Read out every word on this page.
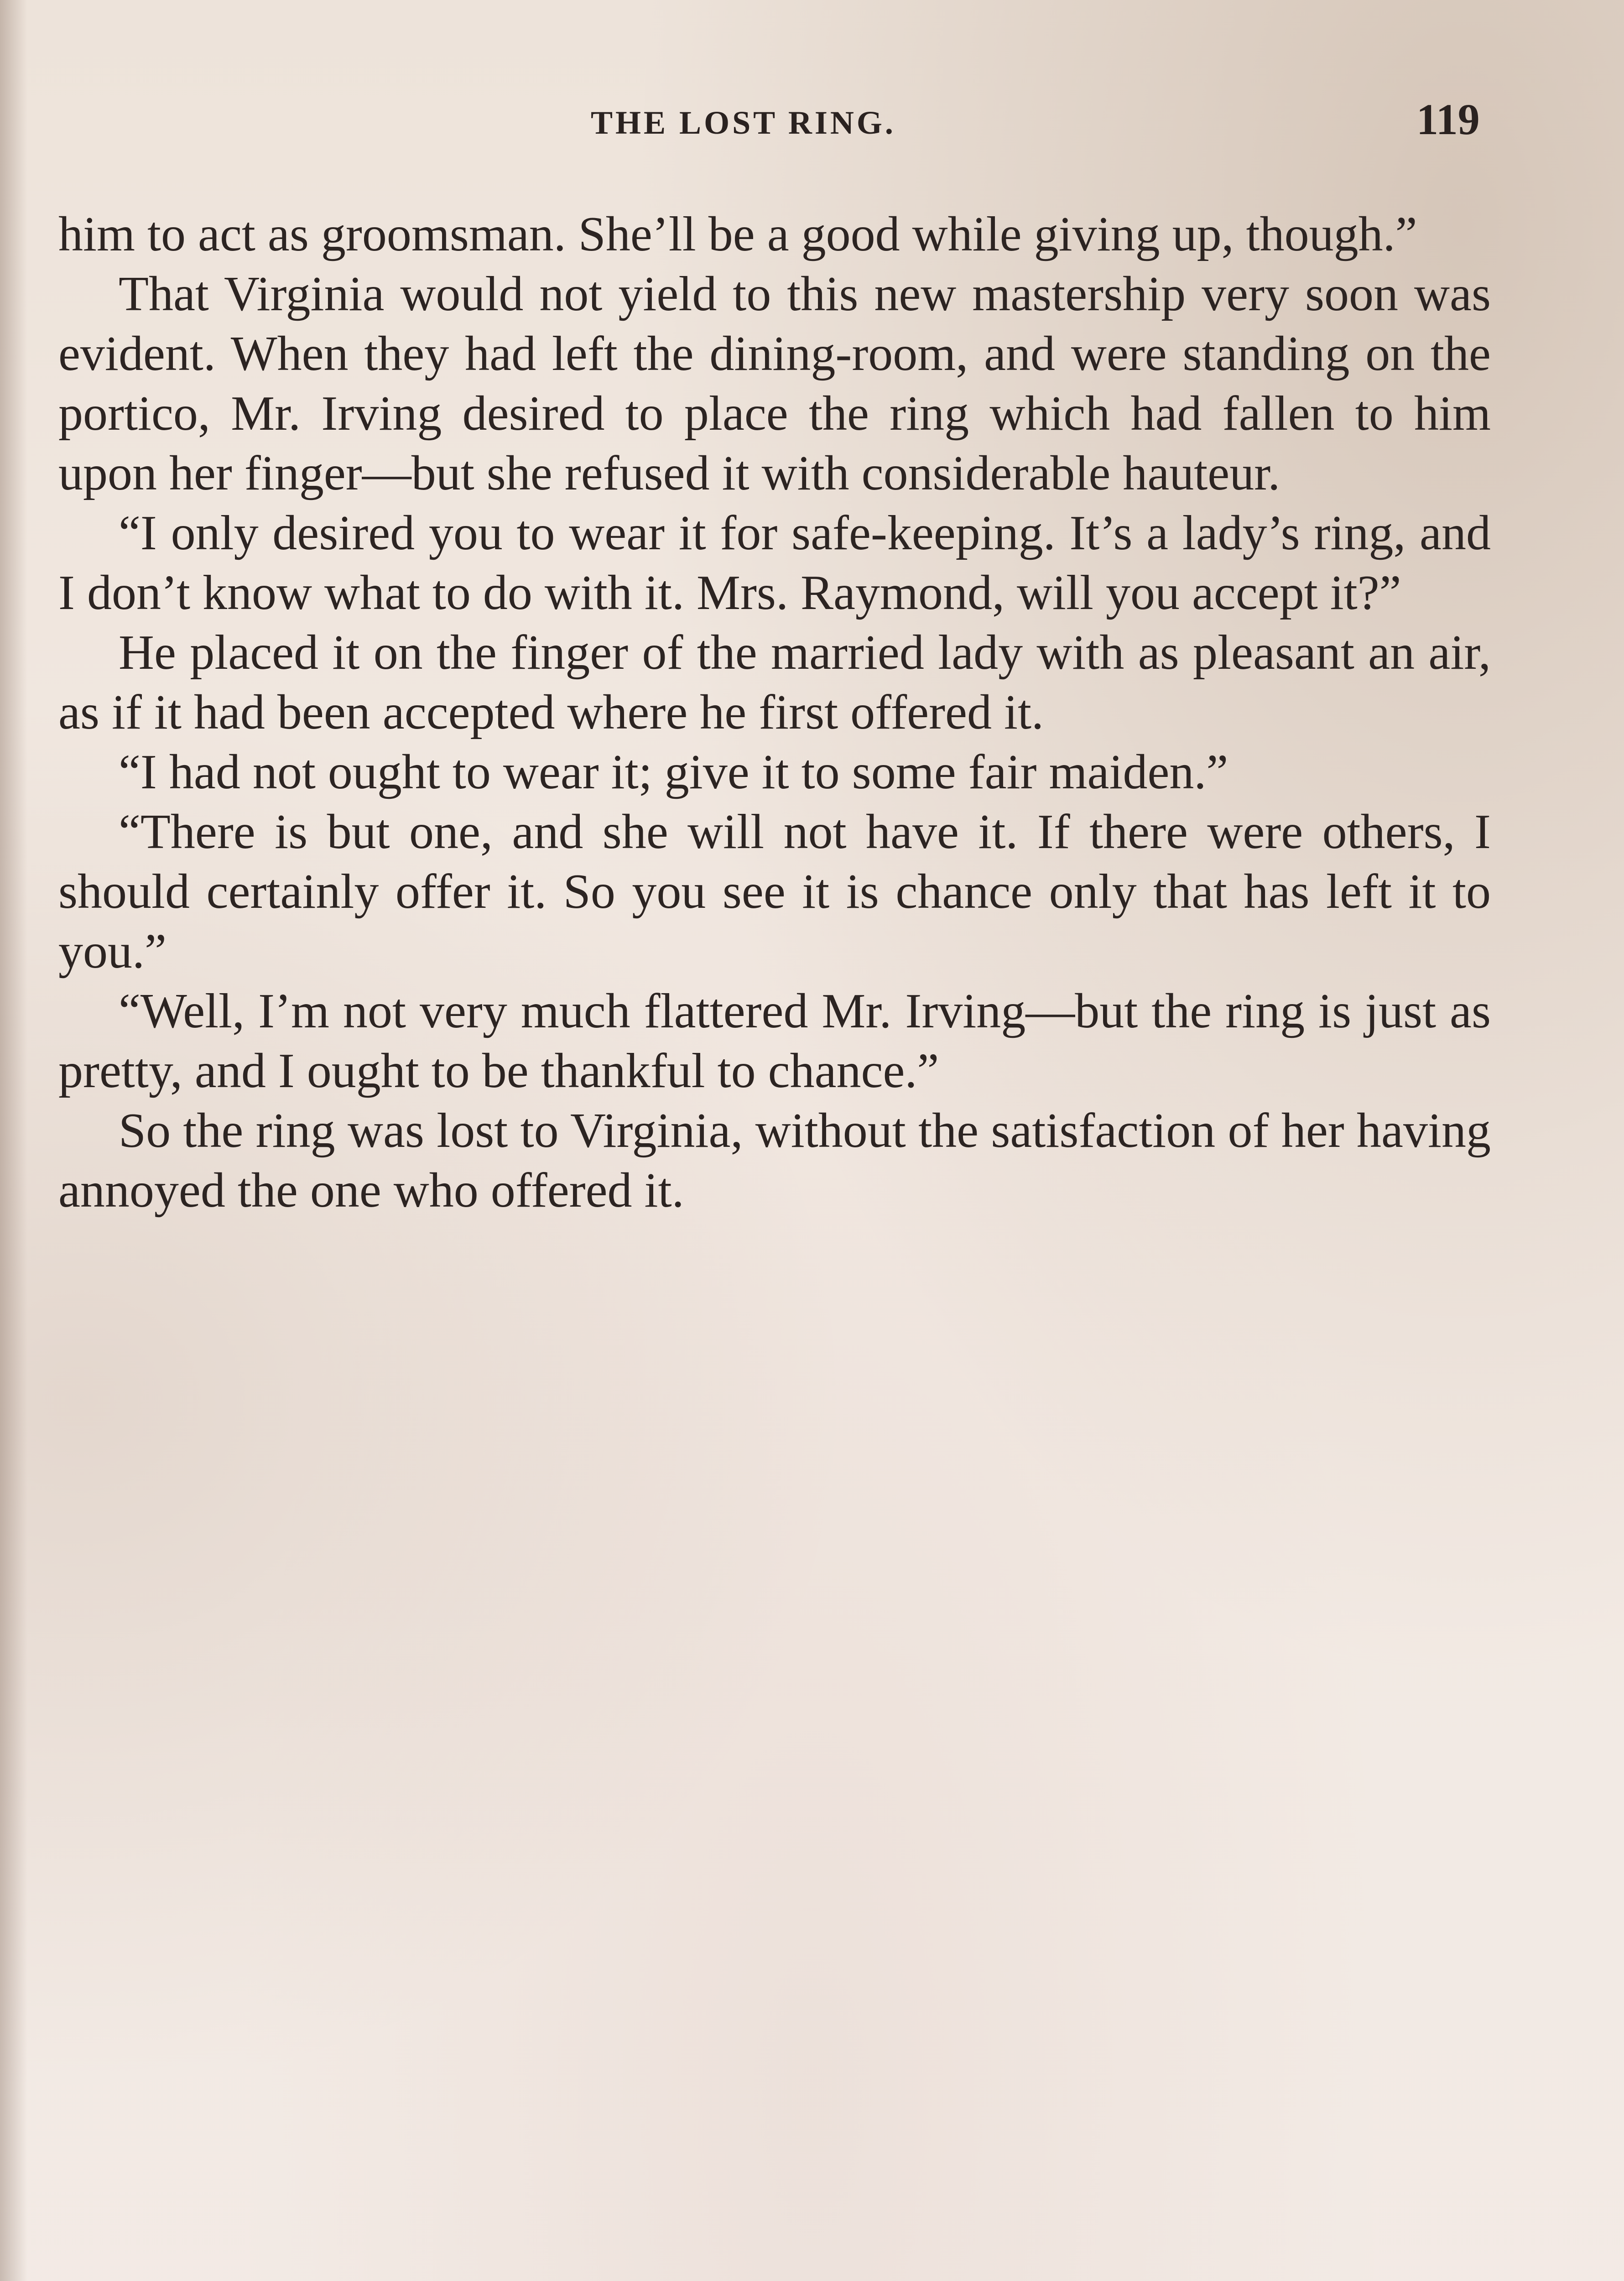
THE LOST RING.	119

him to act as groomsman. She’ll be a good while giving up, though.”

That Virginia would not yield to this new mastership very soon was evident. When they had left the dining-room, and were standing on the portico, Mr. Irving desired to place the ring which had fallen to him upon her finger—but she refused it with considerable hauteur.

“I only desired you to wear it for safe-keeping. It’s a lady’s ring, and I don’t know what to do with it. Mrs. Raymond, will you accept it?”

He placed it on the finger of the married lady with as pleasant an air, as if it had been accepted where he first offered it.

“I had not ought to wear it; give it to some fair maiden.”

“There is but one, and she will not have it. If there were others, I should certainly offer it. So you see it is chance only that has left it to you.”

“Well, I’m not very much flattered Mr. Irving—but the ring is just as pretty, and I ought to be thankful to chance.”

So the ring was lost to Virginia, without the satisfaction of her having annoyed the one who offered it.
